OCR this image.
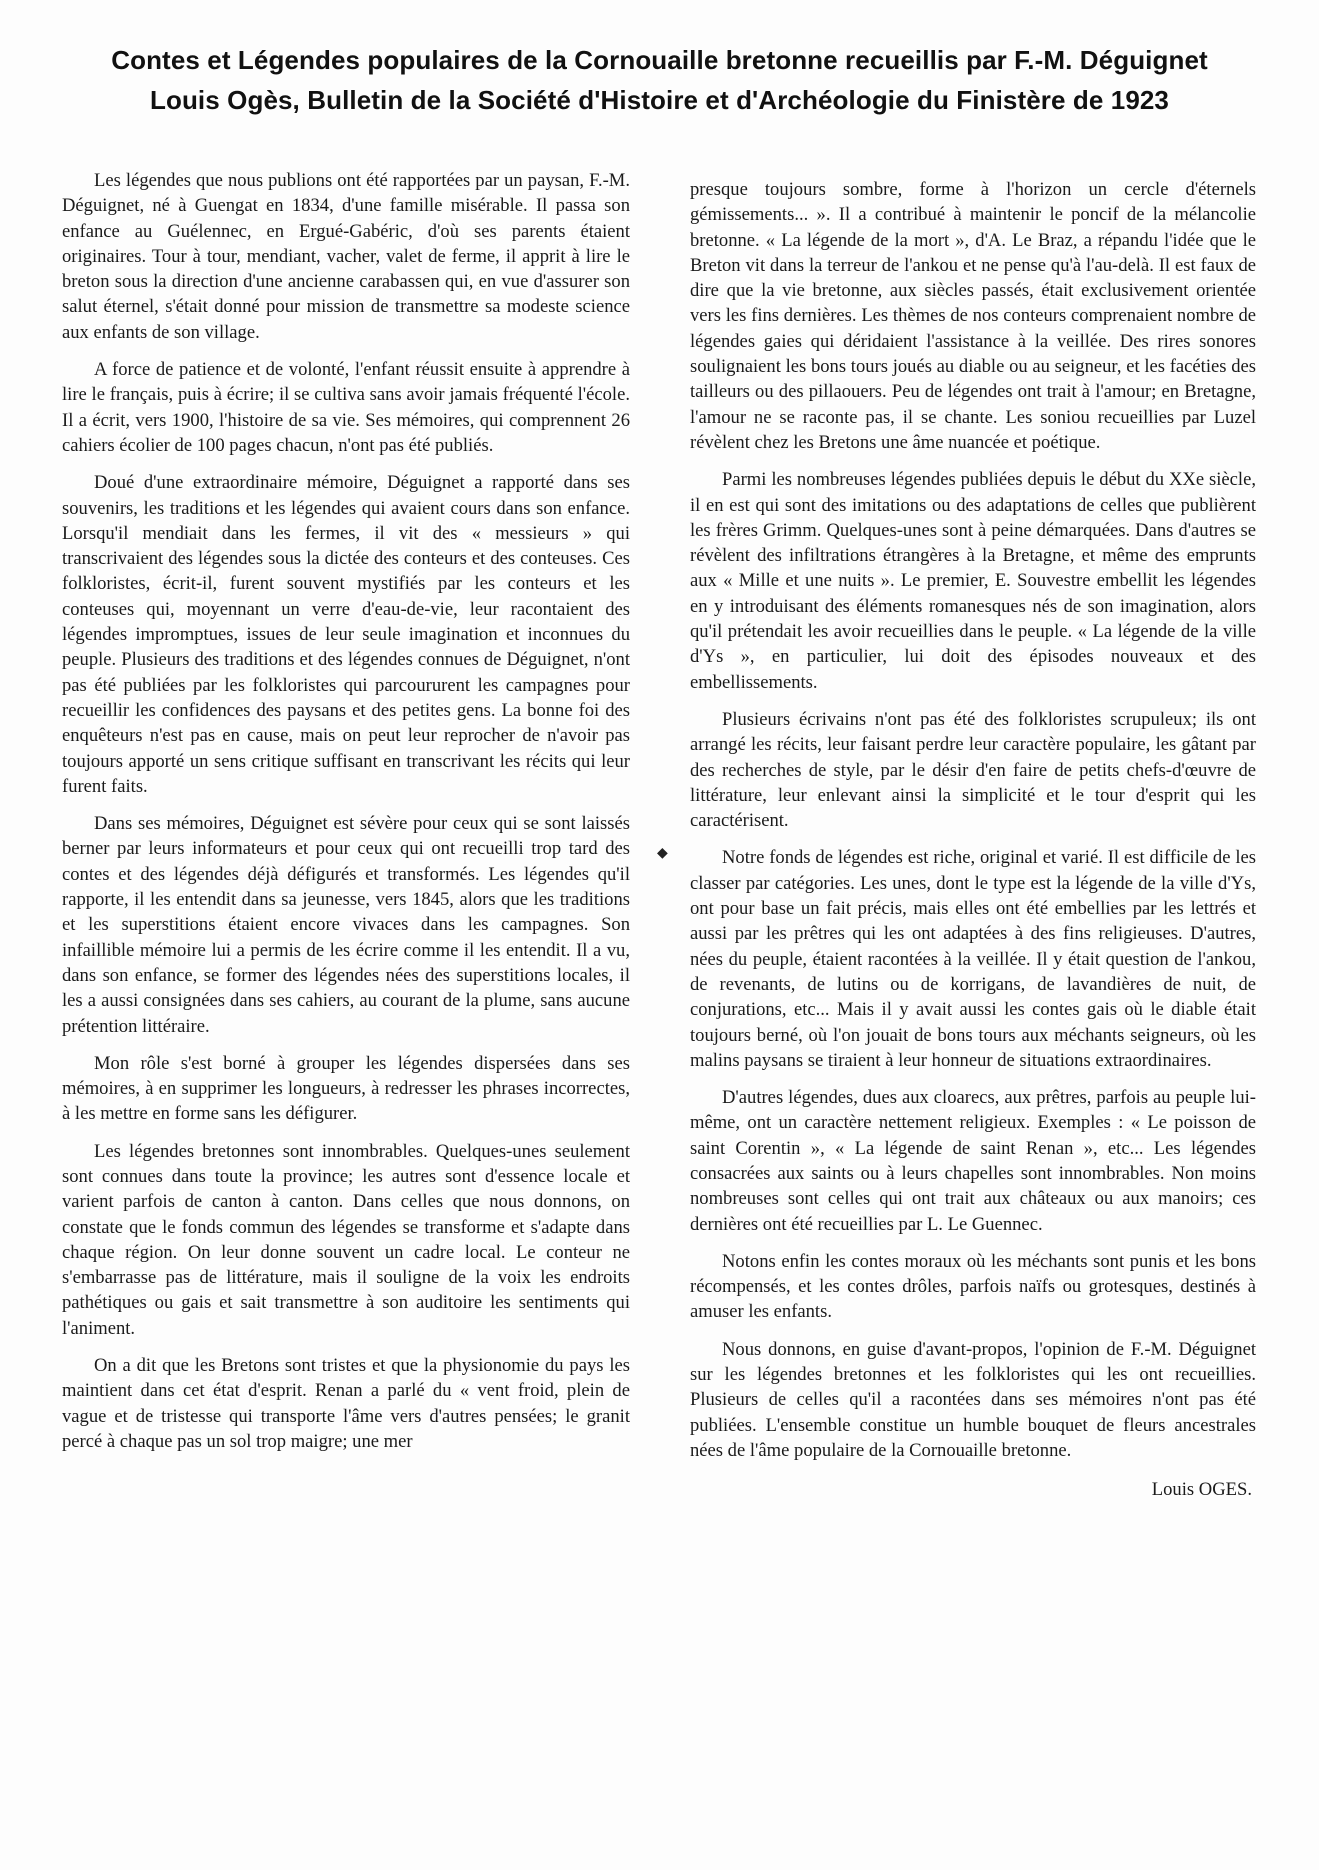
Contes et Légendes populaires de la Cornouaille bretonne recueillis par F.-M. Déguignet
Louis Ogès, Bulletin de la Société d'Histoire et d'Archéologie du Finistère de 1923

Les légendes que nous publions ont été rapportées par un paysan, F.-M. Déguignet, né à Guengat en 1834, d'une famille misérable. Il passa son enfance au Guélennec, en Ergué-Gabéric, d'où ses parents étaient originaires. Tour à tour, mendiant, vacher, valet de ferme, il apprit à lire le breton sous la direction d'une ancienne carabassen qui, en vue d'assurer son salut éternel, s'était donné pour mission de transmettre sa modeste science aux enfants de son village.

A force de patience et de volonté, l'enfant réussit ensuite à apprendre à lire le français, puis à écrire; il se cultiva sans avoir jamais fréquenté l'école. Il a écrit, vers 1900, l'histoire de sa vie. Ses mémoires, qui comprennent 26 cahiers écolier de 100 pages chacun, n'ont pas été publiés.

Doué d'une extraordinaire mémoire, Déguignet a rapporté dans ses souvenirs, les traditions et les légendes qui avaient cours dans son enfance. Lorsqu'il mendiait dans les fermes, il vit des « messieurs » qui transcrivaient des légendes sous la dictée des conteurs et des conteuses. Ces folkloristes, écrit-il, furent souvent mystifiés par les conteurs et les conteuses qui, moyennant un verre d'eau-de-vie, leur racontaient des légendes impromptues, issues de leur seule imagination et inconnues du peuple. Plusieurs des traditions et des légendes connues de Déguignet, n'ont pas été publiées par les folkloristes qui parcoururent les campagnes pour recueillir les confidences des paysans et des petites gens. La bonne foi des enquêteurs n'est pas en cause, mais on peut leur reprocher de n'avoir pas toujours apporté un sens critique suffisant en transcrivant les récits qui leur furent faits.

Dans ses mémoires, Déguignet est sévère pour ceux qui se sont laissés berner par leurs informateurs et pour ceux qui ont recueilli trop tard des contes et des légendes déjà défigurés et transformés. Les légendes qu'il rapporte, il les entendit dans sa jeunesse, vers 1845, alors que les traditions et les superstitions étaient encore vivaces dans les campagnes. Son infaillible mémoire lui a permis de les écrire comme il les entendit. Il a vu, dans son enfance, se former des légendes nées des superstitions locales, il les a aussi consignées dans ses cahiers, au courant de la plume, sans aucune prétention littéraire.

Mon rôle s'est borné à grouper les légendes dispersées dans ses mémoires, à en supprimer les longueurs, à redresser les phrases incorrectes, à les mettre en forme sans les défigurer.

Les légendes bretonnes sont innombrables. Quelques-unes seulement sont connues dans toute la province; les autres sont d'essence locale et varient parfois de canton à canton. Dans celles que nous donnons, on constate que le fonds commun des légendes se transforme et s'adapte dans chaque région. On leur donne souvent un cadre local. Le conteur ne s'embarrasse pas de littérature, mais il souligne de la voix les endroits pathétiques ou gais et sait transmettre à son auditoire les sentiments qui l'animent.

On a dit que les Bretons sont tristes et que la physionomie du pays les maintient dans cet état d'esprit. Renan a parlé du « vent froid, plein de vague et de tristesse qui transporte l'âme vers d'autres pensées; le granit percé à chaque pas un sol trop maigre; une mer

presque toujours sombre, forme à l'horizon un cercle d'éternels gémissements... ». Il a contribué à maintenir le poncif de la mélancolie bretonne. « La légende de la mort », d'A. Le Braz, a répandu l'idée que le Breton vit dans la terreur de l'ankou et ne pense qu'à l'au-delà. Il est faux de dire que la vie bretonne, aux siècles passés, était exclusivement orientée vers les fins dernières. Les thèmes de nos conteurs comprenaient nombre de légendes gaies qui déridaient l'assistance à la veillée. Des rires sonores soulignaient les bons tours joués au diable ou au seigneur, et les facéties des tailleurs ou des pillaouers. Peu de légendes ont trait à l'amour; en Bretagne, l'amour ne se raconte pas, il se chante. Les soniou recueillies par Luzel révèlent chez les Bretons une âme nuancée et poétique.

Parmi les nombreuses légendes publiées depuis le début du XXe siècle, il en est qui sont des imitations ou des adaptations de celles que publièrent les frères Grimm. Quelques-unes sont à peine démarquées. Dans d'autres se révèlent des infiltrations étrangères à la Bretagne, et même des emprunts aux « Mille et une nuits ». Le premier, E. Souvestre embellit les légendes en y introduisant des éléments romanesques nés de son imagination, alors qu'il prétendait les avoir recueillies dans le peuple. « La légende de la ville d'Ys », en particulier, lui doit des épisodes nouveaux et des embellissements.

Plusieurs écrivains n'ont pas été des folkloristes scrupuleux; ils ont arrangé les récits, leur faisant perdre leur caractère populaire, les gâtant par des recherches de style, par le désir d'en faire de petits chefs-d'œuvre de littérature, leur enlevant ainsi la simplicité et le tour d'esprit qui les caractérisent.

Notre fonds de légendes est riche, original et varié. Il est difficile de les classer par catégories. Les unes, dont le type est la légende de la ville d'Ys, ont pour base un fait précis, mais elles ont été embellies par les lettrés et aussi par les prêtres qui les ont adaptées à des fins religieuses. D'autres, nées du peuple, étaient racontées à la veillée. Il y était question de l'ankou, de revenants, de lutins ou de korrigans, de lavandières de nuit, de conjurations, etc... Mais il y avait aussi les contes gais où le diable était toujours berné, où l'on jouait de bons tours aux méchants seigneurs, où les malins paysans se tiraient à leur honneur de situations extraordinaires.

D'autres légendes, dues aux cloarecs, aux prêtres, parfois au peuple lui-même, ont un caractère nettement religieux. Exemples : « Le poisson de saint Corentin », « La légende de saint Renan », etc... Les légendes consacrées aux saints ou à leurs chapelles sont innombrables. Non moins nombreuses sont celles qui ont trait aux châteaux ou aux manoirs; ces dernières ont été recueillies par L. Le Guennec.

Notons enfin les contes moraux où les méchants sont punis et les bons récompensés, et les contes drôles, parfois naïfs ou grotesques, destinés à amuser les enfants.

Nous donnons, en guise d'avant-propos, l'opinion de F.-M. Déguignet sur les légendes bretonnes et les folkloristes qui les ont recueillies. Plusieurs de celles qu'il a racontées dans ses mémoires n'ont pas été publiées. L'ensemble constitue un humble bouquet de fleurs ancestrales nées de l'âme populaire de la Cornouaille bretonne.

Louis OGES.

◆
